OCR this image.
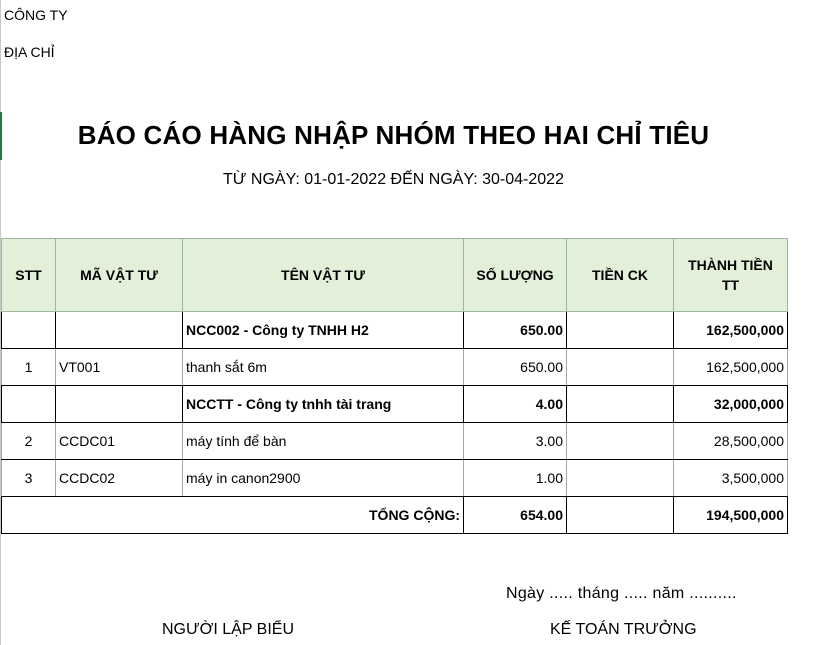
CÔNG TY
ĐỊA CHỈ
BÁO CÁO HÀNG NHẬP NHÓM THEO HAI CHỈ TIÊU
TỪ NGÀY: 01-01-2022 ĐẾN NGÀY: 30-04-2022
STT	MÃ VẬT TƯ	TÊN VẬT TƯ	SỐ LƯỢNG	TIỀN CK	THÀNH TIỀN TT
		NCC002 - Công ty TNHH H2	650.00		162,500,000
1	VT001	thanh sắt 6m	650.00		162,500,000
		NCCTT - Công ty tnhh tài trang	4.00		32,000,000
2	CCDC01	máy tính để bàn	3.00		28,500,000
3	CCDC02	máy in canon2900	1.00		3,500,000
TỔNG CỘNG:			654.00		194,500,000
Ngày ..... tháng ..... năm ..........
NGƯỜI LẬP BIỂU	KẾ TOÁN TRƯỞNG
